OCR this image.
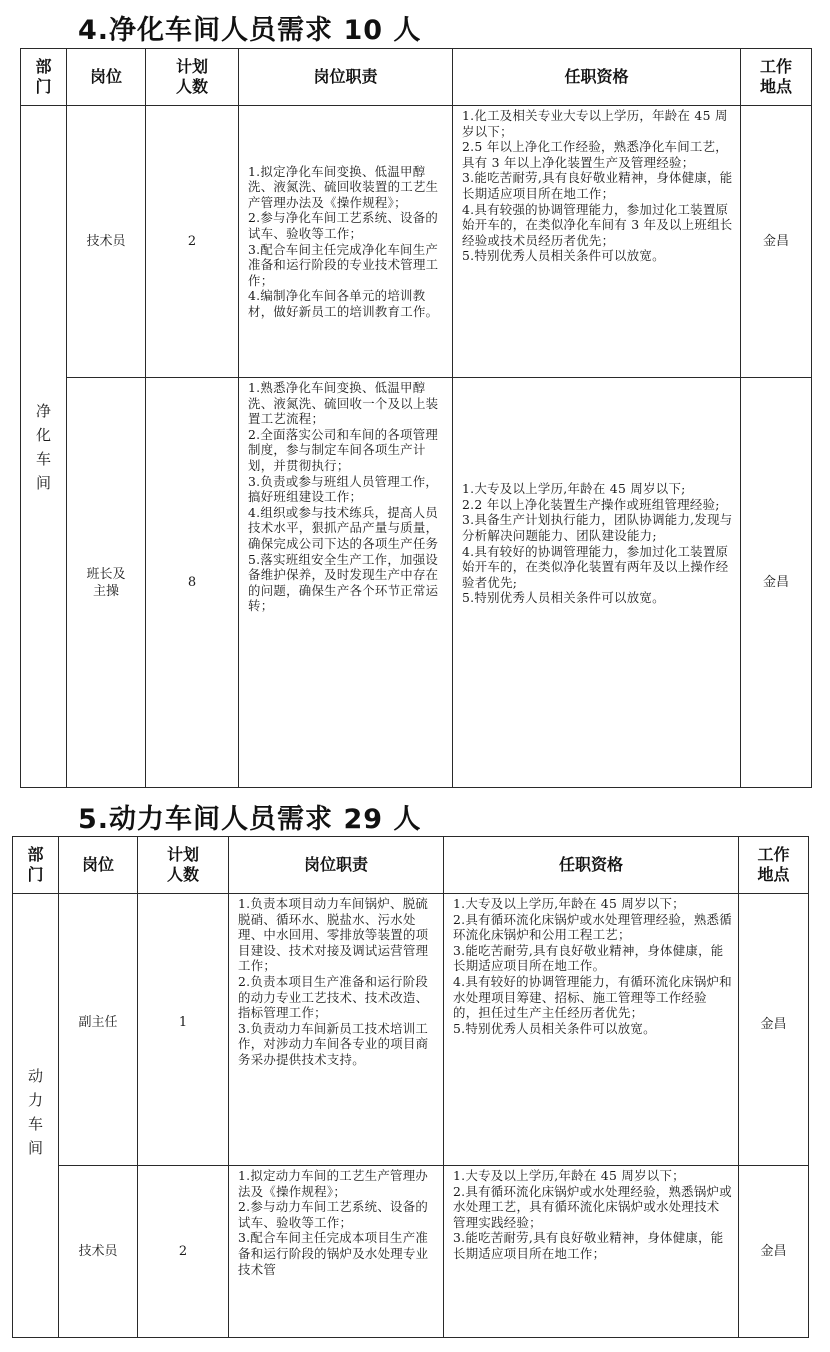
4.净化车间人员需求 10 人
部
门	岗位	计划
人数	岗位职责	任职资格	工作
地点

净
化
车
间	技术员	2	1.拟定净化车间变换、低温甲醇洗、液氮洗、硫回收装置的工艺生产管理办法及《操作规程》；
2.参与净化车间工艺系统、设备的试车、验收等工作；
3.配合车间主任完成净化车间生产准备和运行阶段的专业技术管理工作；
4.编制净化车间各单元的培训教材，做好新员工的培训教育工作。	1.化工及相关专业大专以上学历，年龄在 45 周岁以下；
2.5 年以上净化工作经验，熟悉净化车间工艺，具有 3 年以上净化装置生产及管理经验；
3.能吃苦耐劳,具有良好敬业精神，身体健康，能长期适应项目所在地工作；
4.具有较强的协调管理能力，参加过化工装置原始开车的，在类似净化车间有 3 年及以上班组长经验或技术员经历者优先；
5.特别优秀人员相关条件可以放宽。	金昌
	班长及
主操	8	1.熟悉净化车间变换、低温甲醇洗、液氮洗、硫回收一个及以上装置工艺流程；
2.全面落实公司和车间的各项管理制度，参与制定车间各项生产计划，并贯彻执行；
3.负责或参与班组人员管理工作，搞好班组建设工作；
4.组织或参与技术练兵，提高人员技术水平，狠抓产品产量与质量，确保完成公司下达的各项生产任务
5.落实班组安全生产工作，加强设备维护保养，及时发现生产中存在的问题，确保生产各个环节正常运转；	1.大专及以上学历,年龄在 45 周岁以下;
2.2 年以上净化装置生产操作或班组管理经验;
3.具备生产计划执行能力，团队协调能力,发现与分析解决问题能力、团队建设能力;
4.具有较好的协调管理能力，参加过化工装置原始开车的，在类似净化装置有两年及以上操作经验者优先;
5.特别优秀人员相关条件可以放宽。	金昌
5.动力车间人员需求 29 人
部
门	岗位	计划
人数	岗位职责	任职资格	工作
地点

动
力
车
间	副主任	1	1.负责本项目动力车间锅炉、脱硫脱硝、循环水、脱盐水、污水处理、中水回用、零排放等装置的项目建设、技术对接及调试运营管理工作；
2.负责本项目生产准备和运行阶段的动力专业工艺技术、技术改造、指标管理工作；
3.负责动力车间新员工技术培训工作，对涉动力车间各专业的项目商务采办提供技术支持。	1.大专及以上学历,年龄在 45 周岁以下；
2.具有循环流化床锅炉或水处理管理经验，熟悉循环流化床锅炉和公用工程工艺；
3.能吃苦耐劳,具有良好敬业精神，身体健康，能长期适应项目所在地工作。
4.具有较好的协调管理能力，有循环流化床锅炉和水处理项目筹建、招标、施工管理等工作经验的，担任过生产主任经历者优先；
5.特别优秀人员相关条件可以放宽。	金昌
	技术员	2	1.拟定动力车间的工艺生产管理办法及《操作规程》；
2.参与动力车间工艺系统、设备的试车、验收等工作；
3.配合车间主任完成本项目生产准备和运行阶段的锅炉及水处理专业技术管	1.大专及以上学历,年龄在 45 周岁以下；
2.具有循环流化床锅炉或水处理经验，熟悉锅炉或水处理工艺，具有循环流化床锅炉或水处理技术管理实践经验；
3.能吃苦耐劳,具有良好敬业精神，身体健康，能长期适应项目所在地工作；	金昌
